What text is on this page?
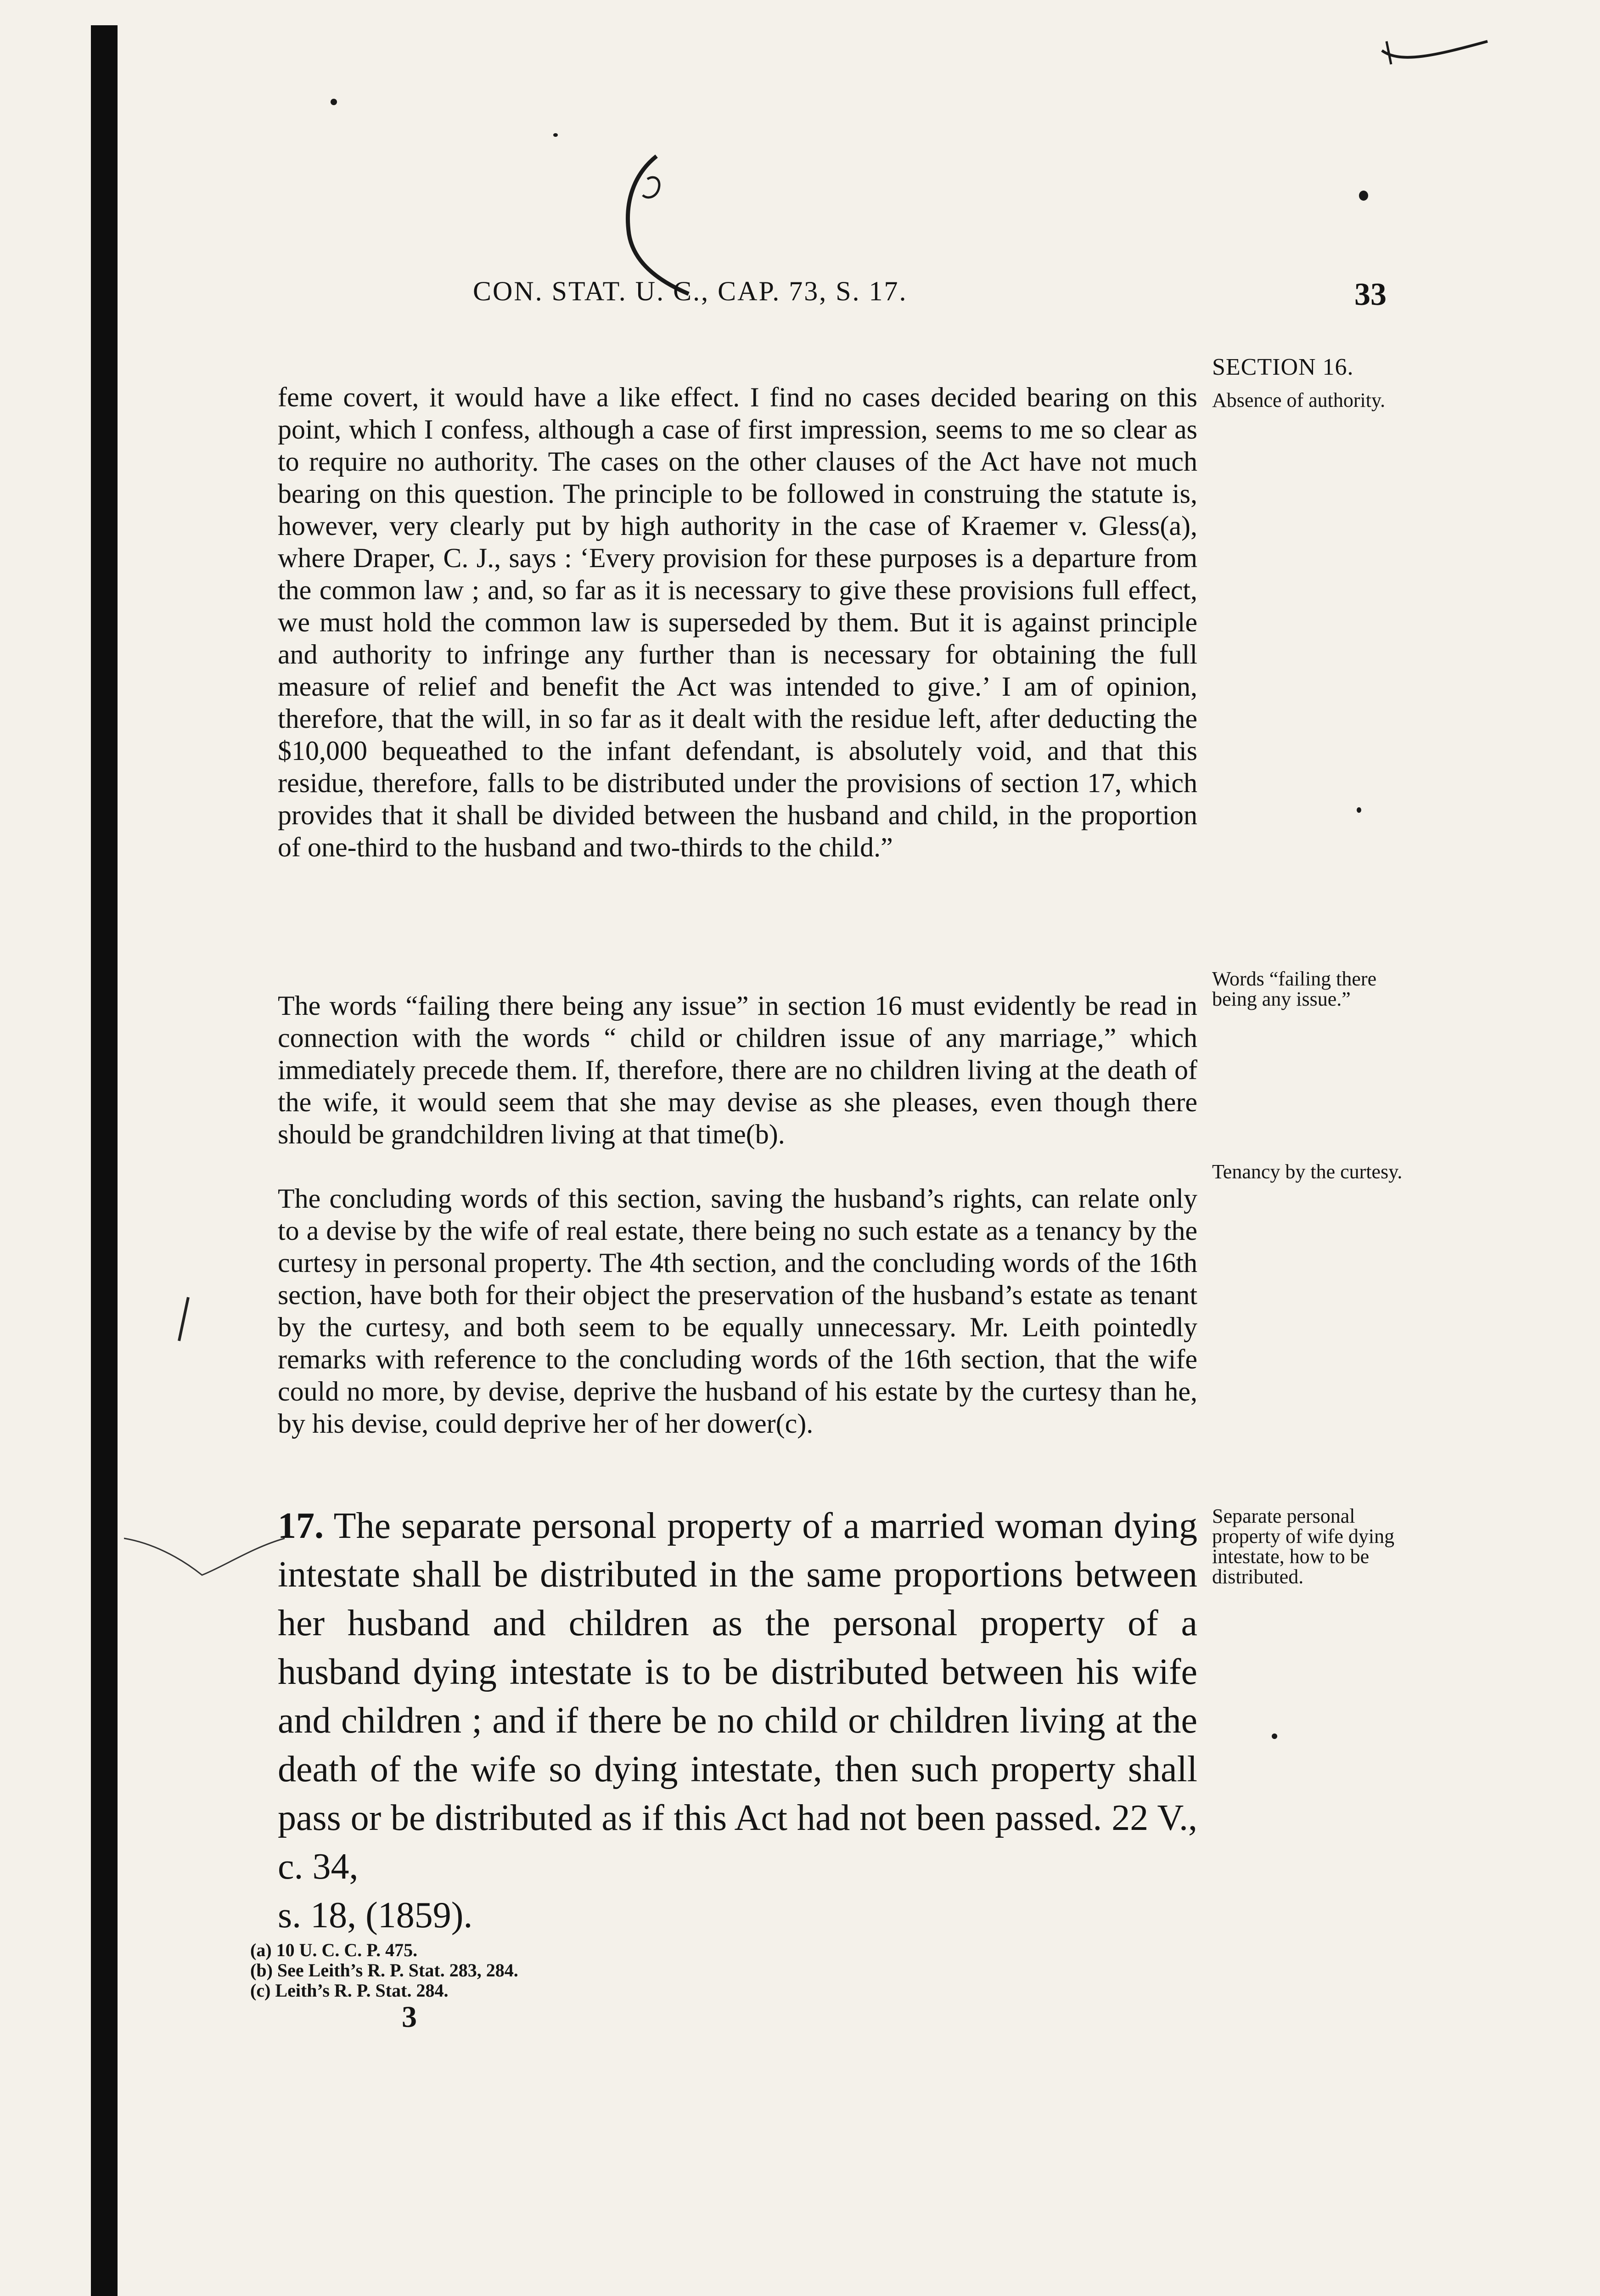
CON. STAT. U. C., CAP. 73, S. 17.	33

feme covert, it would have a like effect. I find no cases decided bearing on this point, which I confess, although a case of first impression, seems to me so clear as to require no authority. The cases on the other clauses of the Act have not much bearing on this question. The principle to be followed in construing the statute is, however, very clearly put by high authority in the case of Kraemer v. Gless(a), where Draper, C. J., says : ‘Every provision for these purposes is a departure from the common law ; and, so far as it is necessary to give these provisions full effect, we must hold the common law is superseded by them. But it is against principle and authority to infringe any further than is necessary for obtaining the full measure of relief and benefit the Act was intended to give.’ I am of opinion, therefore, that the will, in so far as it dealt with the residue left, after deducting the $10,000 bequeathed to the infant defendant, is absolutely void, and that this residue, therefore, falls to be distributed under the provisions of section 17, which provides that it shall be divided between the husband and child, in the proportion of one-third to the husband and two-thirds to the child.”

The words “failing there being any issue” in section 16 must evidently be read in connection with the words “ child or children issue of any marriage,” which immediately precede them. If, therefore, there are no children living at the death of the wife, it would seem that she may devise as she pleases, even though there should be grandchildren living at that time(b).

The concluding words of this section, saving the husband’s rights, can relate only to a devise by the wife of real estate, there being no such estate as a tenancy by the curtesy in personal property. The 4th section, and the concluding words of the 16th section, have both for their object the preservation of the husband’s estate as tenant by the curtesy, and both seem to be equally unnecessary. Mr. Leith pointedly remarks with reference to the concluding words of the 16th section, that the wife could no more, by devise, deprive the husband of his estate by the curtesy than he, by his devise, could deprive her of her dower(c).

17. The separate personal property of a married woman dying intestate shall be distributed in the same proportions between her husband and children as the personal property of a husband dying intestate is to be distributed between his wife and children ; and if there be no child or children living at the death of the wife so dying intestate, then such property shall pass or be distributed as if this Act had not been passed. 22 V., c. 34,
s. 18, (1859).
SECTION 16.
Absence of authority.
Words “failing there being any issue.”
Tenancy by the curtesy.
Separate personal property of wife dying intestate, how to be distributed.

(a) 10 U. C. C. P. 475.

(b) See Leith’s R. P. Stat. 283, 284.

(c) Leith’s R. P. Stat. 284.

3
